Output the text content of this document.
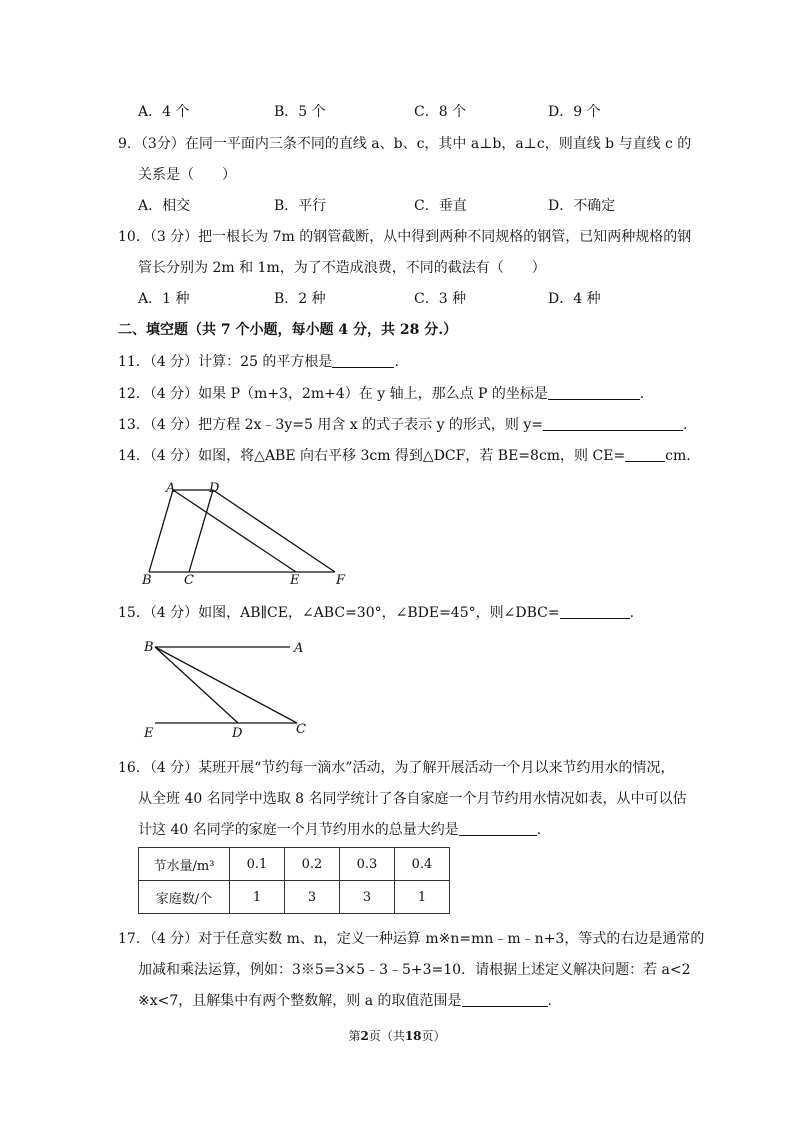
A．4 个	B．5 个	C．8 个	D．9 个
9．（3分）在同一平面内三条不同的直线 a、b、c，其中 a⊥b，a⊥c，则直线 b 与直线 c 的
关系是（　　）
A．相交	B．平行	C．垂直	D．不确定
10．（3 分）把一根长为 7m 的钢管截断，从中得到两种不同规格的钢管，已知两种规格的钢
管长分别为 2m 和 1m，为了不造成浪费，不同的截法有（　　）
A．1 种	B．2 种	C．3 种	D．4 种
二、填空题（共 7 个小题，每小题 4 分，共 28 分.）
11．（4 分）计算：25 的平方根是	.
12．（4 分）如果 P（m+3，2m+4）在 y 轴上，那么点 P 的坐标是	.
13．（4 分）把方程 2x﹣3y=5 用含 x 的式子表示 y 的形式，则 y=	.
14．（4 分）如图，将△ABE 向右平移 3cm 得到△DCF，若 BE=8cm，则 CE=	cm.
A	D
B C	E	F
15．（4 分）如图，AB∥CE，∠ABC=30°，∠BDE=45°，则∠DBC=	.
B	A
E	D	C
16．（4 分）某班开展“节约每一滴水”活动，为了解开展活动一个月以来节约用水的情况，
从全班 40 名同学中选取 8 名同学统计了各自家庭一个月节约用水情况如表，从中可以估
计这 40 名同学的家庭一个月节约用水的总量大约是	.
节水量/m³	0.1	0.2	0.3	0.4
家庭数/个	1	3	3	1
17．（4 分）对于任意实数 m、n，定义一种运算 m※n=mn﹣m﹣n+3，等式的右边是通常的
加减和乘法运算，例如：3※5=3×5﹣3﹣5+3=10．请根据上述定义解决问题：若 a<2
※x<7，且解集中有两个整数解，则 a 的取值范围是	.
第2页（共18页）
